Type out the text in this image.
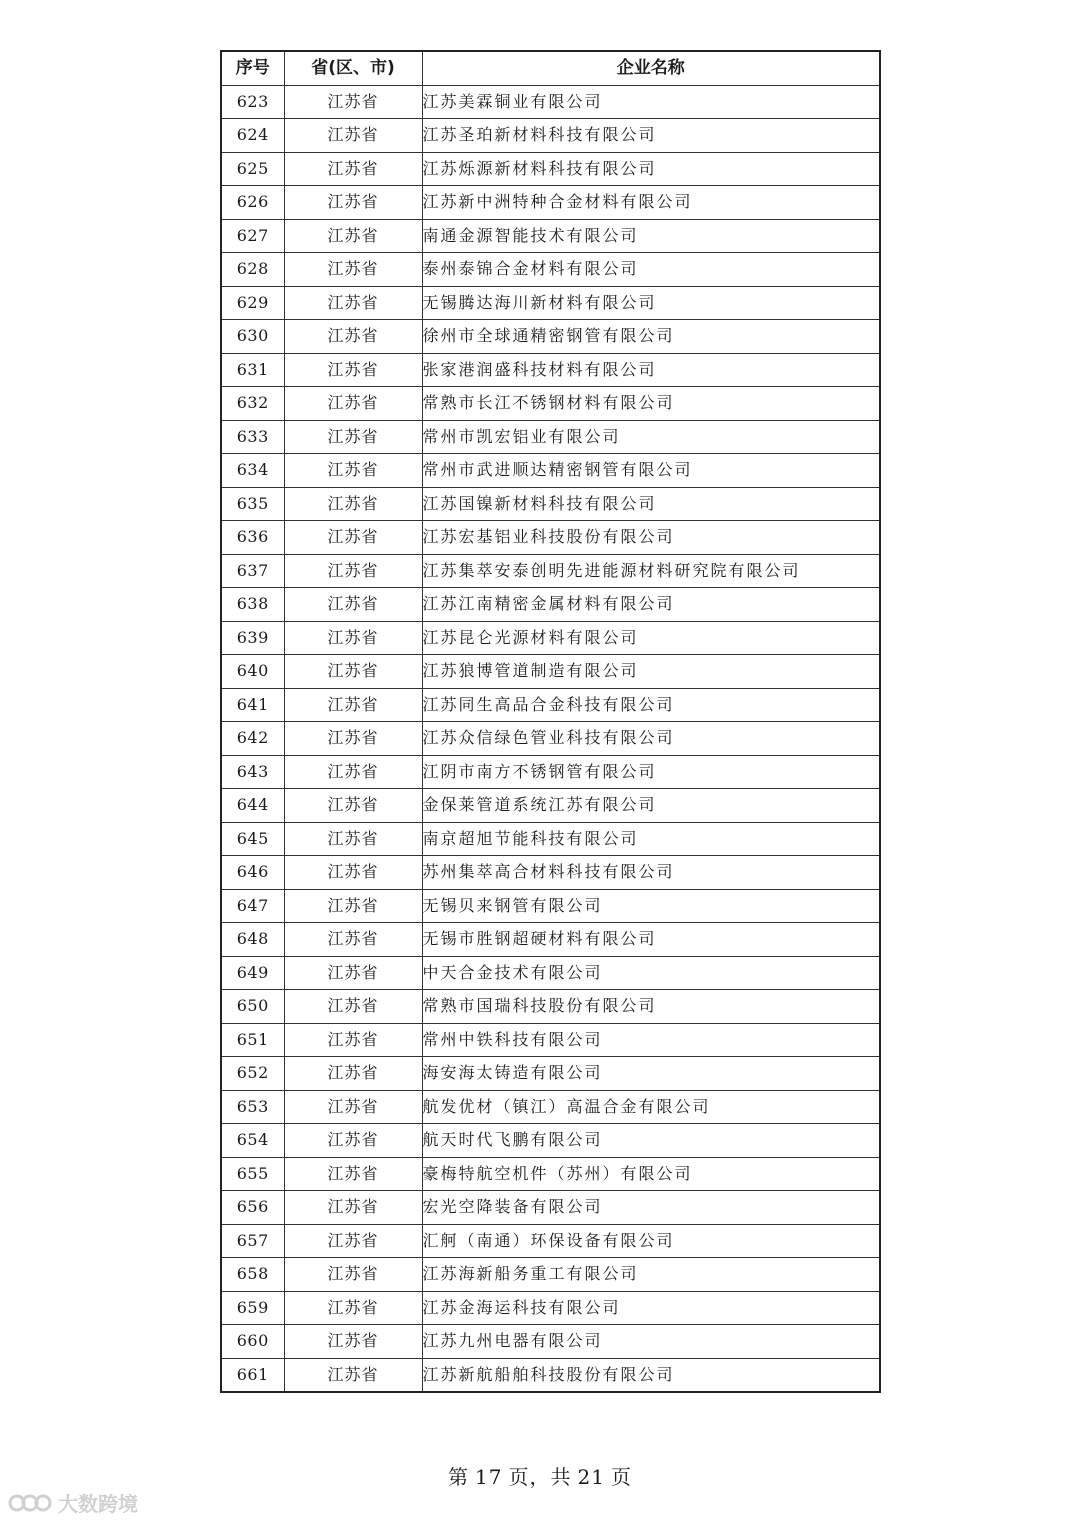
序号	省(区、市)	企业名称
623	江苏省	江苏美霖铜业有限公司
624	江苏省	江苏圣珀新材料科技有限公司
625	江苏省	江苏烁源新材料科技有限公司
626	江苏省	江苏新中洲特种合金材料有限公司
627	江苏省	南通金源智能技术有限公司
628	江苏省	泰州泰锦合金材料有限公司
629	江苏省	无锡腾达海川新材料有限公司
630	江苏省	徐州市全球通精密钢管有限公司
631	江苏省	张家港润盛科技材料有限公司
632	江苏省	常熟市长江不锈钢材料有限公司
633	江苏省	常州市凯宏铝业有限公司
634	江苏省	常州市武进顺达精密钢管有限公司
635	江苏省	江苏国镍新材料科技有限公司
636	江苏省	江苏宏基铝业科技股份有限公司
637	江苏省	江苏集萃安泰创明先进能源材料研究院有限公司
638	江苏省	江苏江南精密金属材料有限公司
639	江苏省	江苏昆仑光源材料有限公司
640	江苏省	江苏狼博管道制造有限公司
641	江苏省	江苏同生高品合金科技有限公司
642	江苏省	江苏众信绿色管业科技有限公司
643	江苏省	江阴市南方不锈钢管有限公司
644	江苏省	金保莱管道系统江苏有限公司
645	江苏省	南京超旭节能科技有限公司
646	江苏省	苏州集萃高合材料科技有限公司
647	江苏省	无锡贝来钢管有限公司
648	江苏省	无锡市胜钢超硬材料有限公司
649	江苏省	中天合金技术有限公司
650	江苏省	常熟市国瑞科技股份有限公司
651	江苏省	常州中铁科技有限公司
652	江苏省	海安海太铸造有限公司
653	江苏省	航发优材（镇江）高温合金有限公司
654	江苏省	航天时代飞鹏有限公司
655	江苏省	豪梅特航空机件（苏州）有限公司
656	江苏省	宏光空降装备有限公司
657	江苏省	汇舸（南通）环保设备有限公司
658	江苏省	江苏海新船务重工有限公司
659	江苏省	江苏金海运科技有限公司
660	江苏省	江苏九州电器有限公司
661	江苏省	江苏新航船舶科技股份有限公司
第 17 页，共 21 页
大数跨境
